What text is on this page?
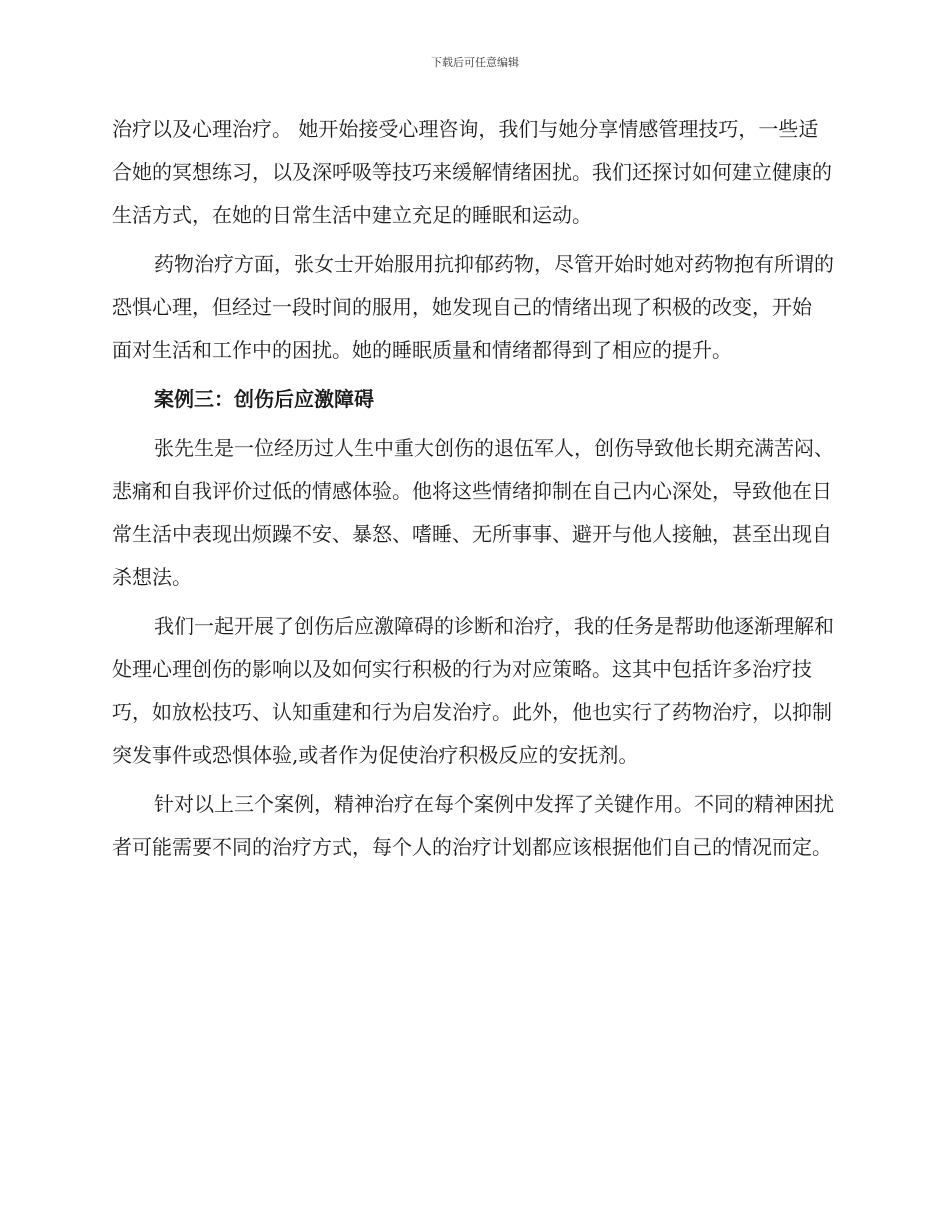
下载后可任意编辑

治疗以及心理治疗。 她开始接受心理咨询，我们与她分享情感管理技巧，一些适合她的冥想练习，以及深呼吸等技巧来缓解情绪困扰。我们还探讨如何建立健康的生活方式，在她的日常生活中建立充足的睡眠和运动。

药物治疗方面，张女士开始服用抗抑郁药物，尽管开始时她对药物抱有所谓的恐惧心理，但经过一段时间的服用，她发现自己的情绪出现了积极的改变，开始 面对生活和工作中的困扰。她的睡眠质量和情绪都得到了相应的提升。

案例三：创伤后应激障碍

张先生是一位经历过人生中重大创伤的退伍军人，创伤导致他长期充满苦闷、悲痛和自我评价过低的情感体验。他将这些情绪抑制在自己内心深处，导致他在日常生活中表现出烦躁不安、暴怒、嗜睡、无所事事、避开与他人接触，甚至出现自杀想法。

我们一起开展了创伤后应激障碍的诊断和治疗，我的任务是帮助他逐渐理解和处理心理创伤的影响以及如何实行积极的行为对应策略。这其中包括许多治疗技巧，如放松技巧、认知重建和行为启发治疗。此外，他也实行了药物治疗，以抑制突发事件或恐惧体验,或者作为促使治疗积极反应的安抚剂。

针对以上三个案例，精神治疗在每个案例中发挥了关键作用。不同的精神困扰者可能需要不同的治疗方式，每个人的治疗计划都应该根据他们自己的情况而定。
